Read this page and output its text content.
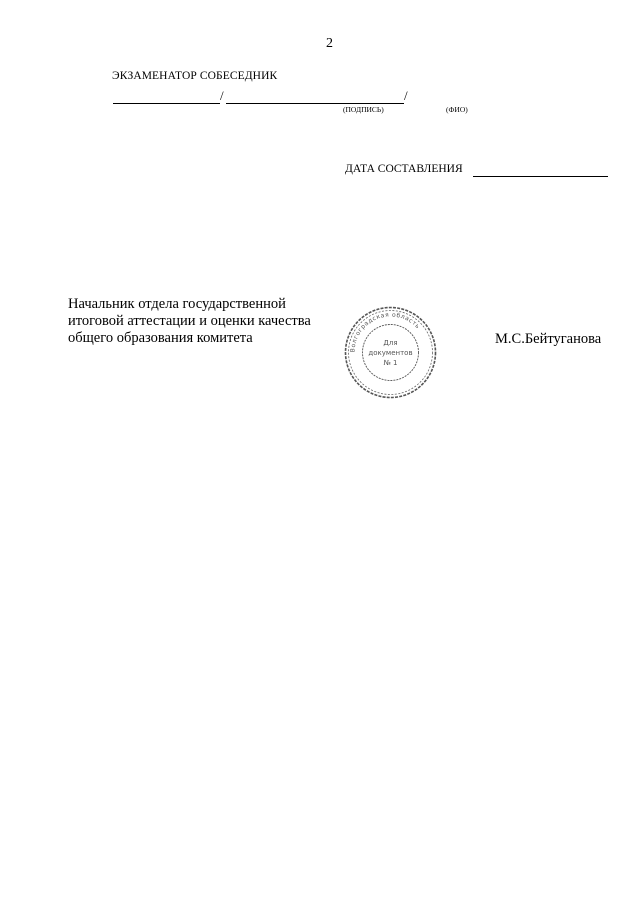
2
ЭКЗАМЕНАТОР СОБЕСЕДНИК
/	/
(ПОДПИСЬ)	(ФИО)
ДАТА СОСТАВЛЕНИЯ
Начальник отдела государственной
итоговой аттестации и оценки качества
общего образования комитета	М.С.Бейтуганова
Волгоградская область
Для
документов
№ 1
